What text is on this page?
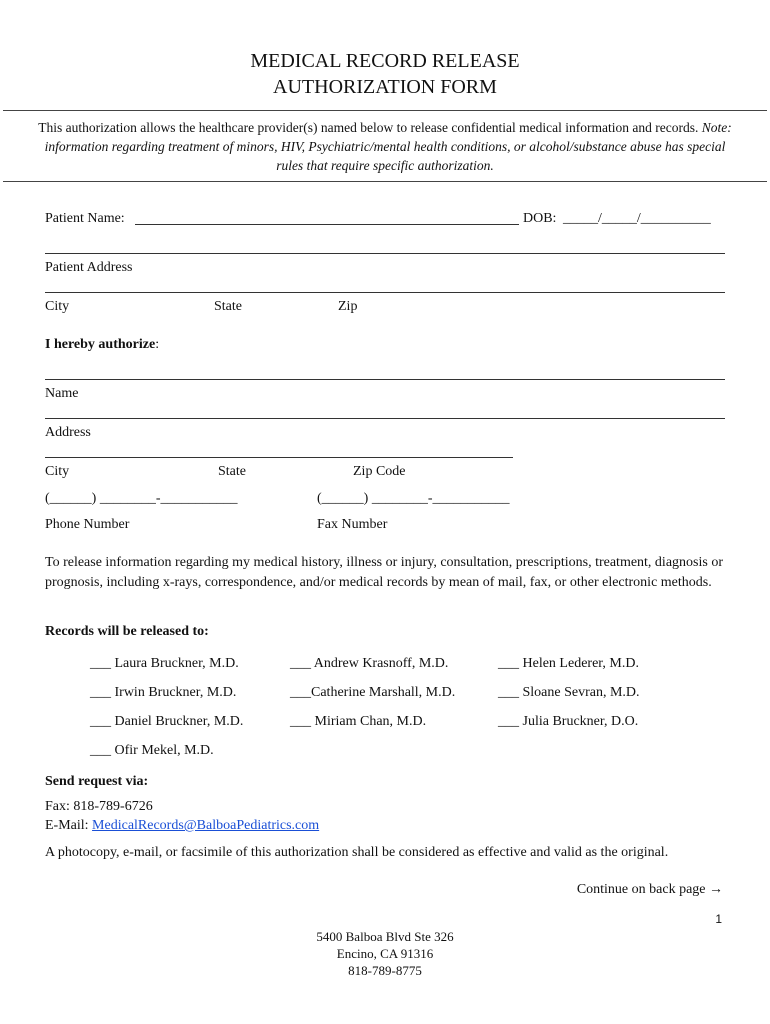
MEDICAL RECORD RELEASE
AUTHORIZATION FORM
This authorization allows the healthcare provider(s) named below to release confidential medical information and records. Note: information regarding treatment of minors, HIV, Psychiatric/mental health conditions, or alcohol/substance abuse has special rules that require specific authorization.
Patient Name:	DOB: _____/_____/__________
Patient Address
City	State	Zip
I hereby authorize:
Name
Address
City	State	Zip Code
(______) ________-___________	(______) ________-___________
Phone Number	Fax Number
To release information regarding my medical history, illness or injury, consultation, prescriptions, treatment, diagnosis or prognosis, including x-rays, correspondence, and/or medical records by mean of mail, fax, or other electronic methods.
Records will be released to:
___ Laura Bruckner, M.D.	___ Andrew Krasnoff, M.D.	___ Helen Lederer, M.D.
___ Irwin Bruckner, M.D.	___Catherine Marshall, M.D.	___ Sloane Sevran, M.D.
___ Daniel Bruckner, M.D.	___ Miriam Chan, M.D.	___ Julia Bruckner, D.O.
___ Ofir Mekel, M.D.
Send request via:
Fax: 818-789-6726
E-Mail: MedicalRecords@BalboaPediatrics.com
A photocopy, e-mail, or facsimile of this authorization shall be considered as effective and valid as the original.
Continue on back page →
1
5400 Balboa Blvd Ste 326
Encino, CA 91316
818-789-8775
